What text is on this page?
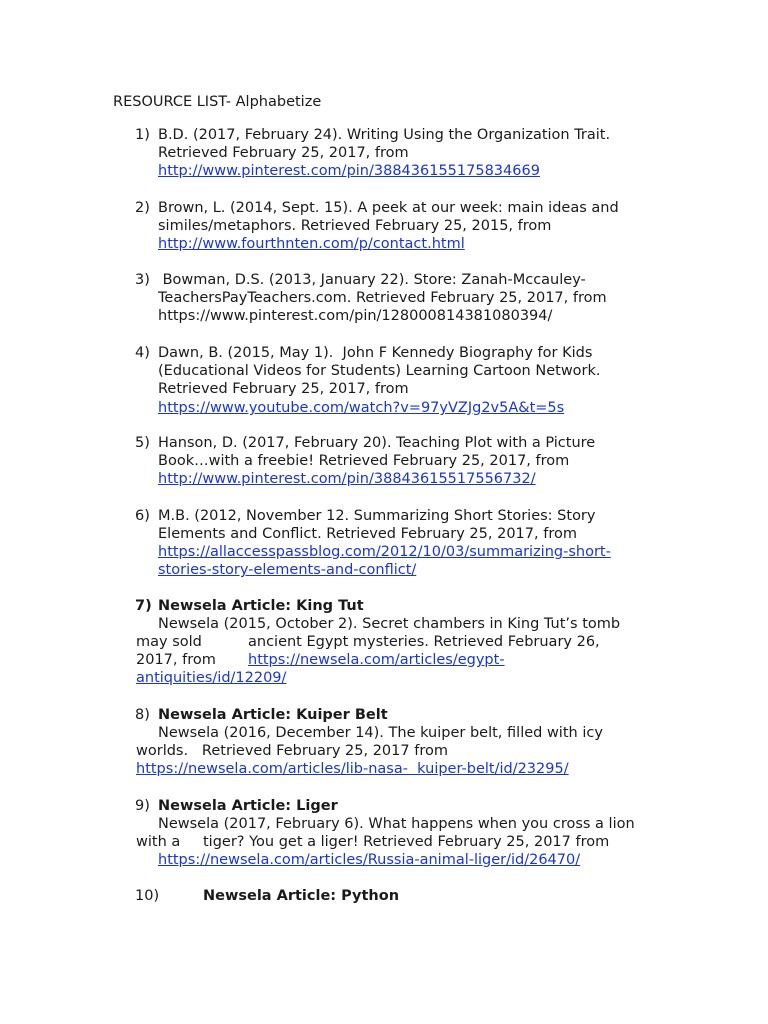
RESOURCE LIST- Alphabetize
1) B.D. (2017, February 24). Writing Using the Organization Trait.
Retrieved February 25, 2017, from
http://www.pinterest.com/pin/388436155175834669
2) Brown, L. (2014, Sept. 15). A peek at our week: main ideas and
similes/metaphors. Retrieved February 25, 2015, from
http://www.fourthnten.com/p/contact.html
3) Bowman, D.S. (2013, January 22). Store: Zanah-Mccauley-
TeachersPayTeachers.com. Retrieved February 25, 2017, from
https://www.pinterest.com/pin/128000814381080394/
4) Dawn, B. (2015, May 1).  John F Kennedy Biography for Kids
(Educational Videos for Students) Learning Cartoon Network.
Retrieved February 25, 2017, from
https://www.youtube.com/watch?v=97yVZJg2v5A&t=5s
5) Hanson, D. (2017, February 20). Teaching Plot with a Picture
Book…with a freebie! Retrieved February 25, 2017, from
http://www.pinterest.com/pin/38843615517556732/
6) M.B. (2012, November 12. Summarizing Short Stories: Story
Elements and Conflict. Retrieved February 25, 2017, from
https://allaccesspassblog.com/2012/10/03/summarizing-short-
stories-story-elements-and-conflict/
7) Newsela Article: King Tut
Newsela (2015, October 2). Secret chambers in King Tut’s tomb
may sold	ancient Egypt mysteries. Retrieved February 26,
2017, from https://newsela.com/articles/egypt-
antiquities/id/12209/
8) Newsela Article: Kuiper Belt
Newsela (2016, December 14). The kuiper belt, filled with icy
worlds.   Retrieved February 25, 2017 from
https://newsela.com/articles/lib-nasa-  kuiper-belt/id/23295/
9) Newsela Article: Liger
Newsela (2017, February 6). What happens when you cross a lion
with a tiger? You get a liger! Retrieved February 25, 2017 from
https://newsela.com/articles/Russia-animal-liger/id/26470/
10)	Newsela Article: Python
